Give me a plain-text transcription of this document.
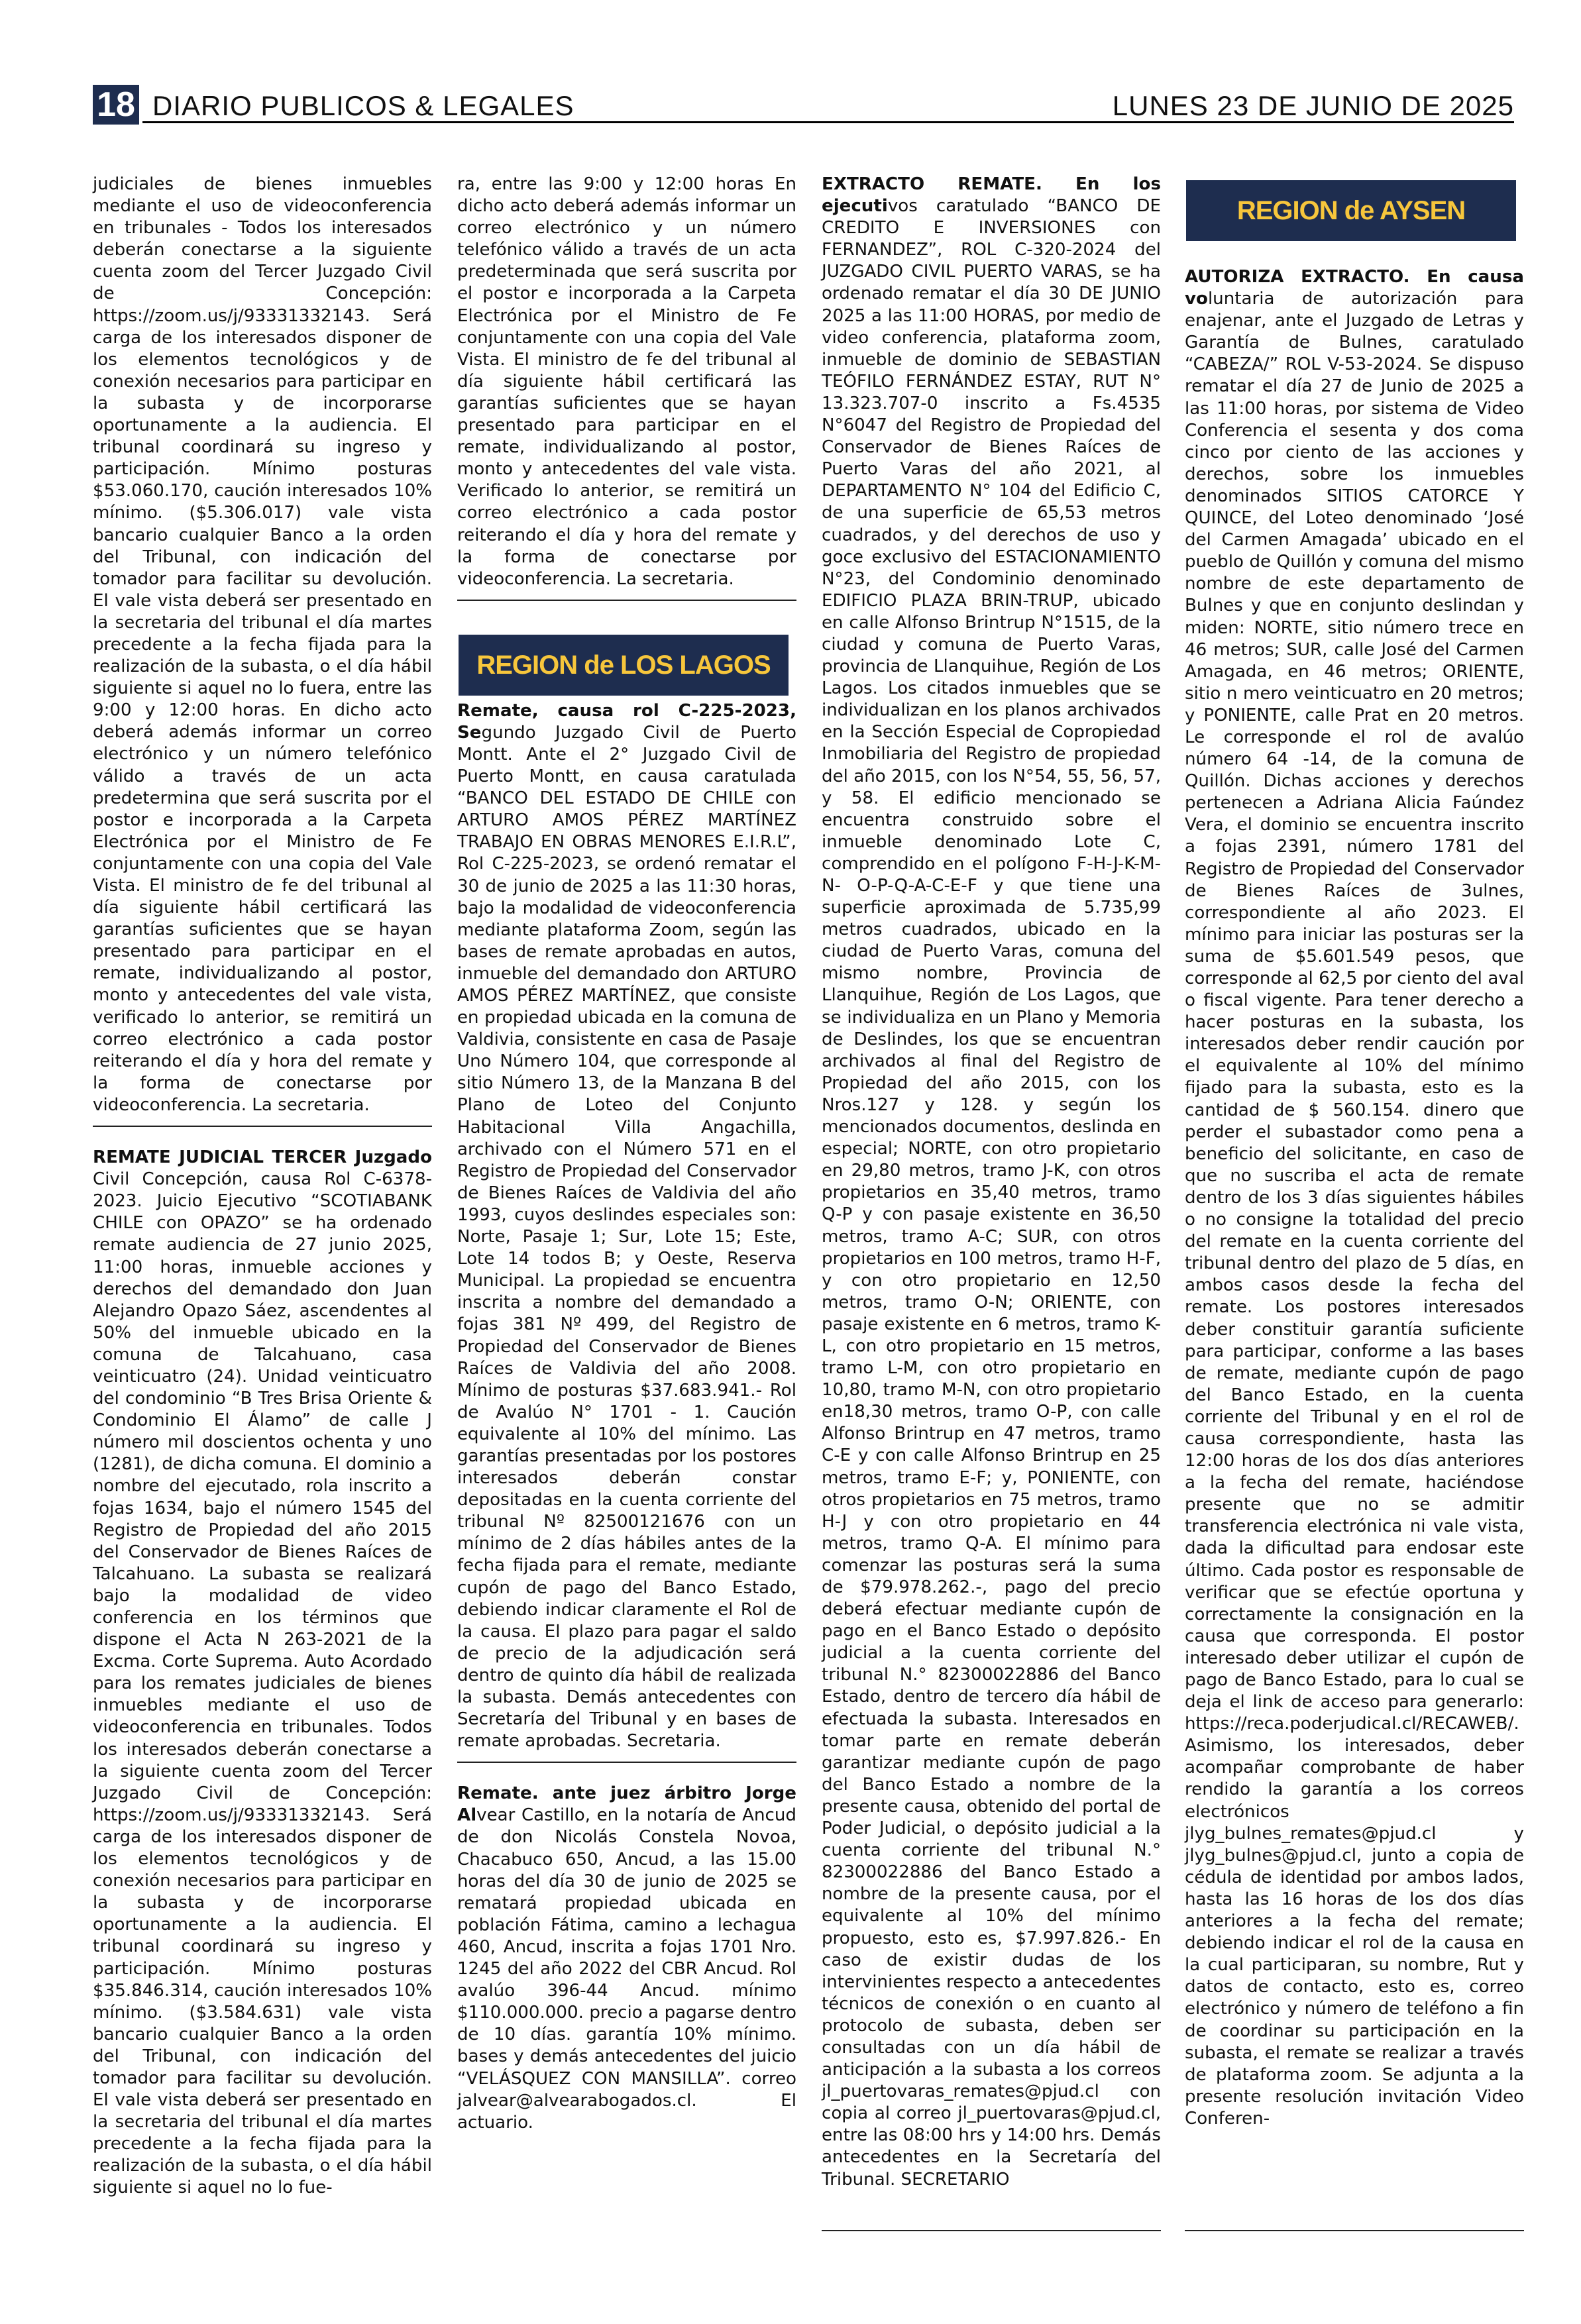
18 DIARIO PUBLICOS & LEGALES	LUNES 23 DE JUNIO DE 2025

judiciales de bienes inmuebles mediante el uso de videoconferencia en tribunales - Todos los interesados deberán conectarse a la siguiente cuenta zoom del Tercer Juzgado Civil de Concepción: https://zoom.us/j/93331332143. Será carga de los interesados disponer de los elementos tecnológicos y de conexión necesarios para participar en la subasta y de incorporarse oportunamente a la audiencia. El tribunal coordinará su ingreso y participación. Mínimo posturas $53.060.170, caución interesados 10% mínimo. ($5.306.017) vale vista bancario cualquier Banco a la orden del Tribunal, con indicación del tomador para facilitar su devolución. El vale vista deberá ser presentado en la secretaria del tribunal el día martes precedente a la fecha fijada para la realización de la subasta, o el día hábil siguiente si aquel no lo fuera, entre las 9:00 y 12:00 horas. En dicho acto deberá además informar un correo electrónico y un número telefónico válido a través de un acta predetermina que será suscrita por el postor e incorporada a la Carpeta Electrónica por el Ministro de Fe conjuntamente con una copia del Vale Vista. El ministro de fe del tribunal al día siguiente hábil certificará las garantías suficientes que se hayan presentado para participar en el remate, individualizando al postor, monto y antecedentes del vale vista, verificado lo anterior, se remitirá un correo electrónico a cada postor reiterando el día y hora del remate y la forma de conectarse por videoconferencia. La secretaria.

REMATE JUDICIAL TERCER Juzgado Civil Concepción, causa Rol C-6378-2023. Juicio Ejecutivo “SCOTIABANK CHILE con OPAZO” se ha ordenado remate audiencia de 27 junio 2025, 11:00 horas, inmueble acciones y derechos del demandado don Juan Alejandro Opazo Sáez, ascendentes al 50% del inmueble ubicado en la comuna de Talcahuano, casa veinticuatro (24). Unidad veinticuatro del condominio “B Tres Brisa Oriente & Condominio El Álamo” de calle J número mil doscientos ochenta y uno (1281), de dicha comuna. El dominio a nombre del ejecutado, rola inscrito a fojas 1634, bajo el número 1545 del Registro de Propiedad del año 2015 del Conservador de Bienes Raíces de Talcahuano. La subasta se realizará bajo la modalidad de video conferencia en los términos que dispone el Acta N 263-2021 de la Excma. Corte Suprema. Auto Acordado para los remates judiciales de bienes inmuebles mediante el uso de videoconferencia en tribunales. Todos los interesados deberán conectarse a la siguiente cuenta zoom del Tercer Juzgado Civil de Concepción: https://zoom.us/j/93331332143. Será carga de los interesados disponer de los elementos tecnológicos y de conexión necesarios para participar en la subasta y de incorporarse oportunamente a la audiencia. El tribunal coordinará su ingreso y participación. Mínimo posturas $35.846.314, caución interesados 10% mínimo. ($3.584.631) vale vista bancario cualquier Banco a la orden del Tribunal, con indicación del tomador para facilitar su devolución. El vale vista deberá ser presentado en la secretaria del tribunal el día martes precedente a la fecha fijada para la realización de la subasta, o el día hábil siguiente si aquel no lo fue-

ra, entre las 9:00 y 12:00 horas En dicho acto deberá además informar un correo electrónico y un número telefónico válido a través de un acta predeterminada que será suscrita por el postor e incorporada a la Carpeta Electrónica por el Ministro de Fe conjuntamente con una copia del Vale Vista. El ministro de fe del tribunal al día siguiente hábil certificará las garantías suficientes que se hayan presentado para participar en el remate, individualizando al postor, monto y antecedentes del vale vista. Verificado lo anterior, se remitirá un correo electrónico a cada postor reiterando el día y hora del remate y la forma de conectarse por videoconferencia. La secretaria.

Remate, causa rol C-225-2023, Segundo Juzgado Civil de Puerto Montt. Ante el 2° Juzgado Civil de Puerto Montt, en causa caratulada “BANCO DEL ESTADO DE CHILE con ARTURO AMOS PÉREZ MARTÍNEZ TRABAJO EN OBRAS MENORES E.I.R.L”, Rol C-225-2023, se ordenó rematar el 30 de junio de 2025 a las 11:30 horas, bajo la modalidad de videoconferencia mediante plataforma Zoom, según las bases de remate aprobadas en autos, inmueble del demandado don ARTURO AMOS PÉREZ MARTÍNEZ, que consiste en propiedad ubicada en la comuna de Valdivia, consistente en casa de Pasaje Uno Número 104, que corresponde al sitio Número 13, de la Manzana B del Plano de Loteo del Conjunto Habitacional Villa Angachilla, archivado con el Número 571 en el Registro de Propiedad del Conservador de Bienes Raíces de Valdivia del año 1993, cuyos deslindes especiales son: Norte, Pasaje 1; Sur, Lote 15; Este, Lote 14 todos B; y Oeste, Reserva Municipal. La propiedad se encuentra inscrita a nombre del demandado a fojas 381 Nº 499, del Registro de Propiedad del Conservador de Bienes Raíces de Valdivia del año 2008. Mínimo de posturas $37.683.941.- Rol de Avalúo N° 1701 - 1. Caución equivalente al 10% del mínimo. Las garantías presentadas por los postores interesados deberán constar depositadas en la cuenta corriente del tribunal Nº 82500121676 con un mínimo de 2 días hábiles antes de la fecha fijada para el remate, mediante cupón de pago del Banco Estado, debiendo indicar claramente el Rol de la causa. El plazo para pagar el saldo de precio de la adjudicación será dentro de quinto día hábil de realizada la subasta. Demás antecedentes con Secretaría del Tribunal y en bases de remate aprobadas. Secretaria.

Remate. ante juez árbitro Jorge Alvear Castillo, en la notaría de Ancud de don Nicolás Constela Novoa, Chacabuco 650, Ancud, a las 15.00 horas del día 30 de junio de 2025 se rematará propiedad ubicada en población Fátima, camino a lechagua 460, Ancud, inscrita a fojas 1701 Nro. 1245 del año 2022 del CBR Ancud. Rol avalúo 396-44 Ancud. mínimo $110.000.000. precio a pagarse dentro de 10 días. garantía 10% mínimo. bases y demás antecedentes del juicio “VELÁSQUEZ CON MANSILLA”. correo jalvear@alvearabogados.cl. El actuario.

REGION de LOS LAGOS

EXTRACTO REMATE. En los ejecutivos caratulado “BANCO DE CREDITO E INVERSIONES con FERNANDEZ”, ROL C-320-2024 del JUZGADO CIVIL PUERTO VARAS, se ha ordenado rematar el día 30 DE JUNIO 2025 a las 11:00 HORAS, por medio de video conferencia, plataforma zoom, inmueble de dominio de SEBASTIAN TEÓFILO FERNÁNDEZ ESTAY, RUT N° 13.323.707-0 inscrito a Fs.4535 N°6047 del Registro de Propiedad del Conservador de Bienes Raíces de Puerto Varas del año 2021, al DEPARTAMENTO N° 104 del Edificio C, de una superficie de 65,53 metros cuadrados, y del derechos de uso y goce exclusivo del ESTACIONAMIENTO N°23, del Condominio denominado EDIFICIO PLAZA BRIN-TRUP, ubicado en calle Alfonso Brintrup N°1515, de la ciudad y comuna de Puerto Varas, provincia de Llanquihue, Región de Los Lagos. Los citados inmuebles que se individualizan en los planos archivados en la Sección Especial de Copropiedad Inmobiliaria del Registro de propiedad del año 2015, con los N°54, 55, 56, 57, y 58. El edificio mencionado se encuentra construido sobre el inmueble denominado Lote C, comprendido en el polígono F-H-J-K-M-N- O-P-Q-A-C-E-F y que tiene una superficie aproximada de 5.735,99 metros cuadrados, ubicado en la ciudad de Puerto Varas, comuna del mismo nombre, Provincia de Llanquihue, Región de Los Lagos, que se individualiza en un Plano y Memoria de Deslindes, los que se encuentran archivados al final del Registro de Propiedad del año 2015, con los Nros.127 y 128. y según los mencionados documentos, deslinda en especial; NORTE, con otro propietario en 29,80 metros, tramo J-K, con otros propietarios en 35,40 metros, tramo Q-P y con pasaje existente en 36,50 metros, tramo A-C; SUR, con otros propietarios en 100 metros, tramo H-F, y con otro propietario en 12,50 metros, tramo O-N; ORIENTE, con pasaje existente en 6 metros, tramo K-L, con otro propietario en 15 metros, tramo L-M, con otro propietario en 10,80, tramo M-N, con otro propietario en18,30 metros, tramo O-P, con calle Alfonso Brintrup en 47 metros, tramo C-E y con calle Alfonso Brintrup en 25 metros, tramo E-F; y, PONIENTE, con otros propietarios en 75 metros, tramo H-J y con otro propietario en 44 metros, tramo Q-A. El mínimo para comenzar las posturas será la suma de $79.978.262.-, pago del precio deberá efectuar mediante cupón de pago en el Banco Estado o depósito judicial a la cuenta corriente del tribunal N.° 82300022886 del Banco Estado, dentro de tercero día hábil de efectuada la subasta. Interesados en tomar parte en remate deberán garantizar mediante cupón de pago del Banco Estado a nombre de la presente causa, obtenido del portal de Poder Judicial, o depósito judicial a la cuenta corriente del tribunal N.° 82300022886 del Banco Estado a nombre de la presente causa, por el equivalente al 10% del mínimo propuesto, esto es, $7.997.826.- En caso de existir dudas de los intervinientes respecto a antecedentes técnicos de conexión o en cuanto al protocolo de subasta, deben ser consultadas con un día hábil de anticipación a la subasta a los correos jl_puertovaras_remates@pjud.cl con copia al correo jl_puertovaras@pjud.cl, entre las 08:00 hrs y 14:00 hrs. Demás antecedentes en la Secretaría del Tribunal. SECRETARIO

REGION de AYSEN

AUTORIZA EXTRACTO. En causa voluntaria de autorización para enajenar, ante el Juzgado de Letras y Garantía de Bulnes, caratulado “CABEZA/” ROL V-53-2024. Se dispuso rematar el día 27 de Junio de 2025 a las 11:00 horas, por sistema de Video Conferencia el sesenta y dos coma cinco por ciento de las acciones y derechos, sobre los inmuebles denominados SITIOS CATORCE Y QUINCE, del Loteo denominado ‘José del Carmen Amagada’ ubicado en el pueblo de Quillón y comuna del mismo nombre de este departamento de Bulnes y que en conjunto deslindan y miden: NORTE, sitio número trece en 46 metros; SUR, calle José del Carmen Amagada, en 46 metros; ORIENTE, sitio n mero veinticuatro en 20 metros; y PONIENTE, calle Prat en 20 metros. Le corresponde el rol de avalúo número 64 -14, de la comuna de Quillón. Dichas acciones y derechos pertenecen a Adriana Alicia Faúndez Vera, el dominio se encuentra inscrito a fojas 2391, número 1781 del Registro de Propiedad del Conservador de Bienes Raíces de 3ulnes, correspondiente al año 2023. El mínimo para iniciar las posturas ser la suma de $5.601.549 pesos, que corresponde al 62,5 por ciento del aval o fiscal vigente. Para tener derecho a hacer posturas en la subasta, los interesados deber rendir caución por el equivalente al 10% del mínimo fijado para la subasta, esto es la cantidad de $ 560.154. dinero que perder el subastador como pena a beneficio del solicitante, en caso de que no suscriba el acta de remate dentro de los 3 días siguientes hábiles o no consigne la totalidad del precio del remate en la cuenta corriente del tribunal dentro del plazo de 5 días, en ambos casos desde la fecha del remate. Los postores interesados deber constituir garantía suficiente para participar, conforme a las bases de remate, mediante cupón de pago del Banco Estado, en la cuenta corriente del Tribunal y en el rol de causa correspondiente, hasta las 12:00 horas de los dos días anteriores a la fecha del remate, haciéndose presente que no se admitir transferencia electrónica ni vale vista, dada la dificultad para endosar este último. Cada postor es responsable de verificar que se efectúe oportuna y correctamente la consignación en la causa que corresponda. El postor interesado deber utilizar el cupón de pago de Banco Estado, para lo cual se deja el link de acceso para generarlo: https://reca.poderjudical.cl/RECAWEB/. Asimismo, los interesados, deber acompañar comprobante de haber rendido la garantía a los correos electrónicos jlyg_bulnes_remates@pjud.cl y jlyg_bulnes@pjud.cl, junto a copia de cédula de identidad por ambos lados, hasta las 16 horas de los dos días anteriores a la fecha del remate; debiendo indicar el rol de la causa en la cual participaran, su nombre, Rut y datos de contacto, esto es, correo electrónico y número de teléfono a fin de coordinar su participación en la subasta, el remate se realizar a través de plataforma zoom. Se adjunta a la presente resolución invitación Video Conferen-
